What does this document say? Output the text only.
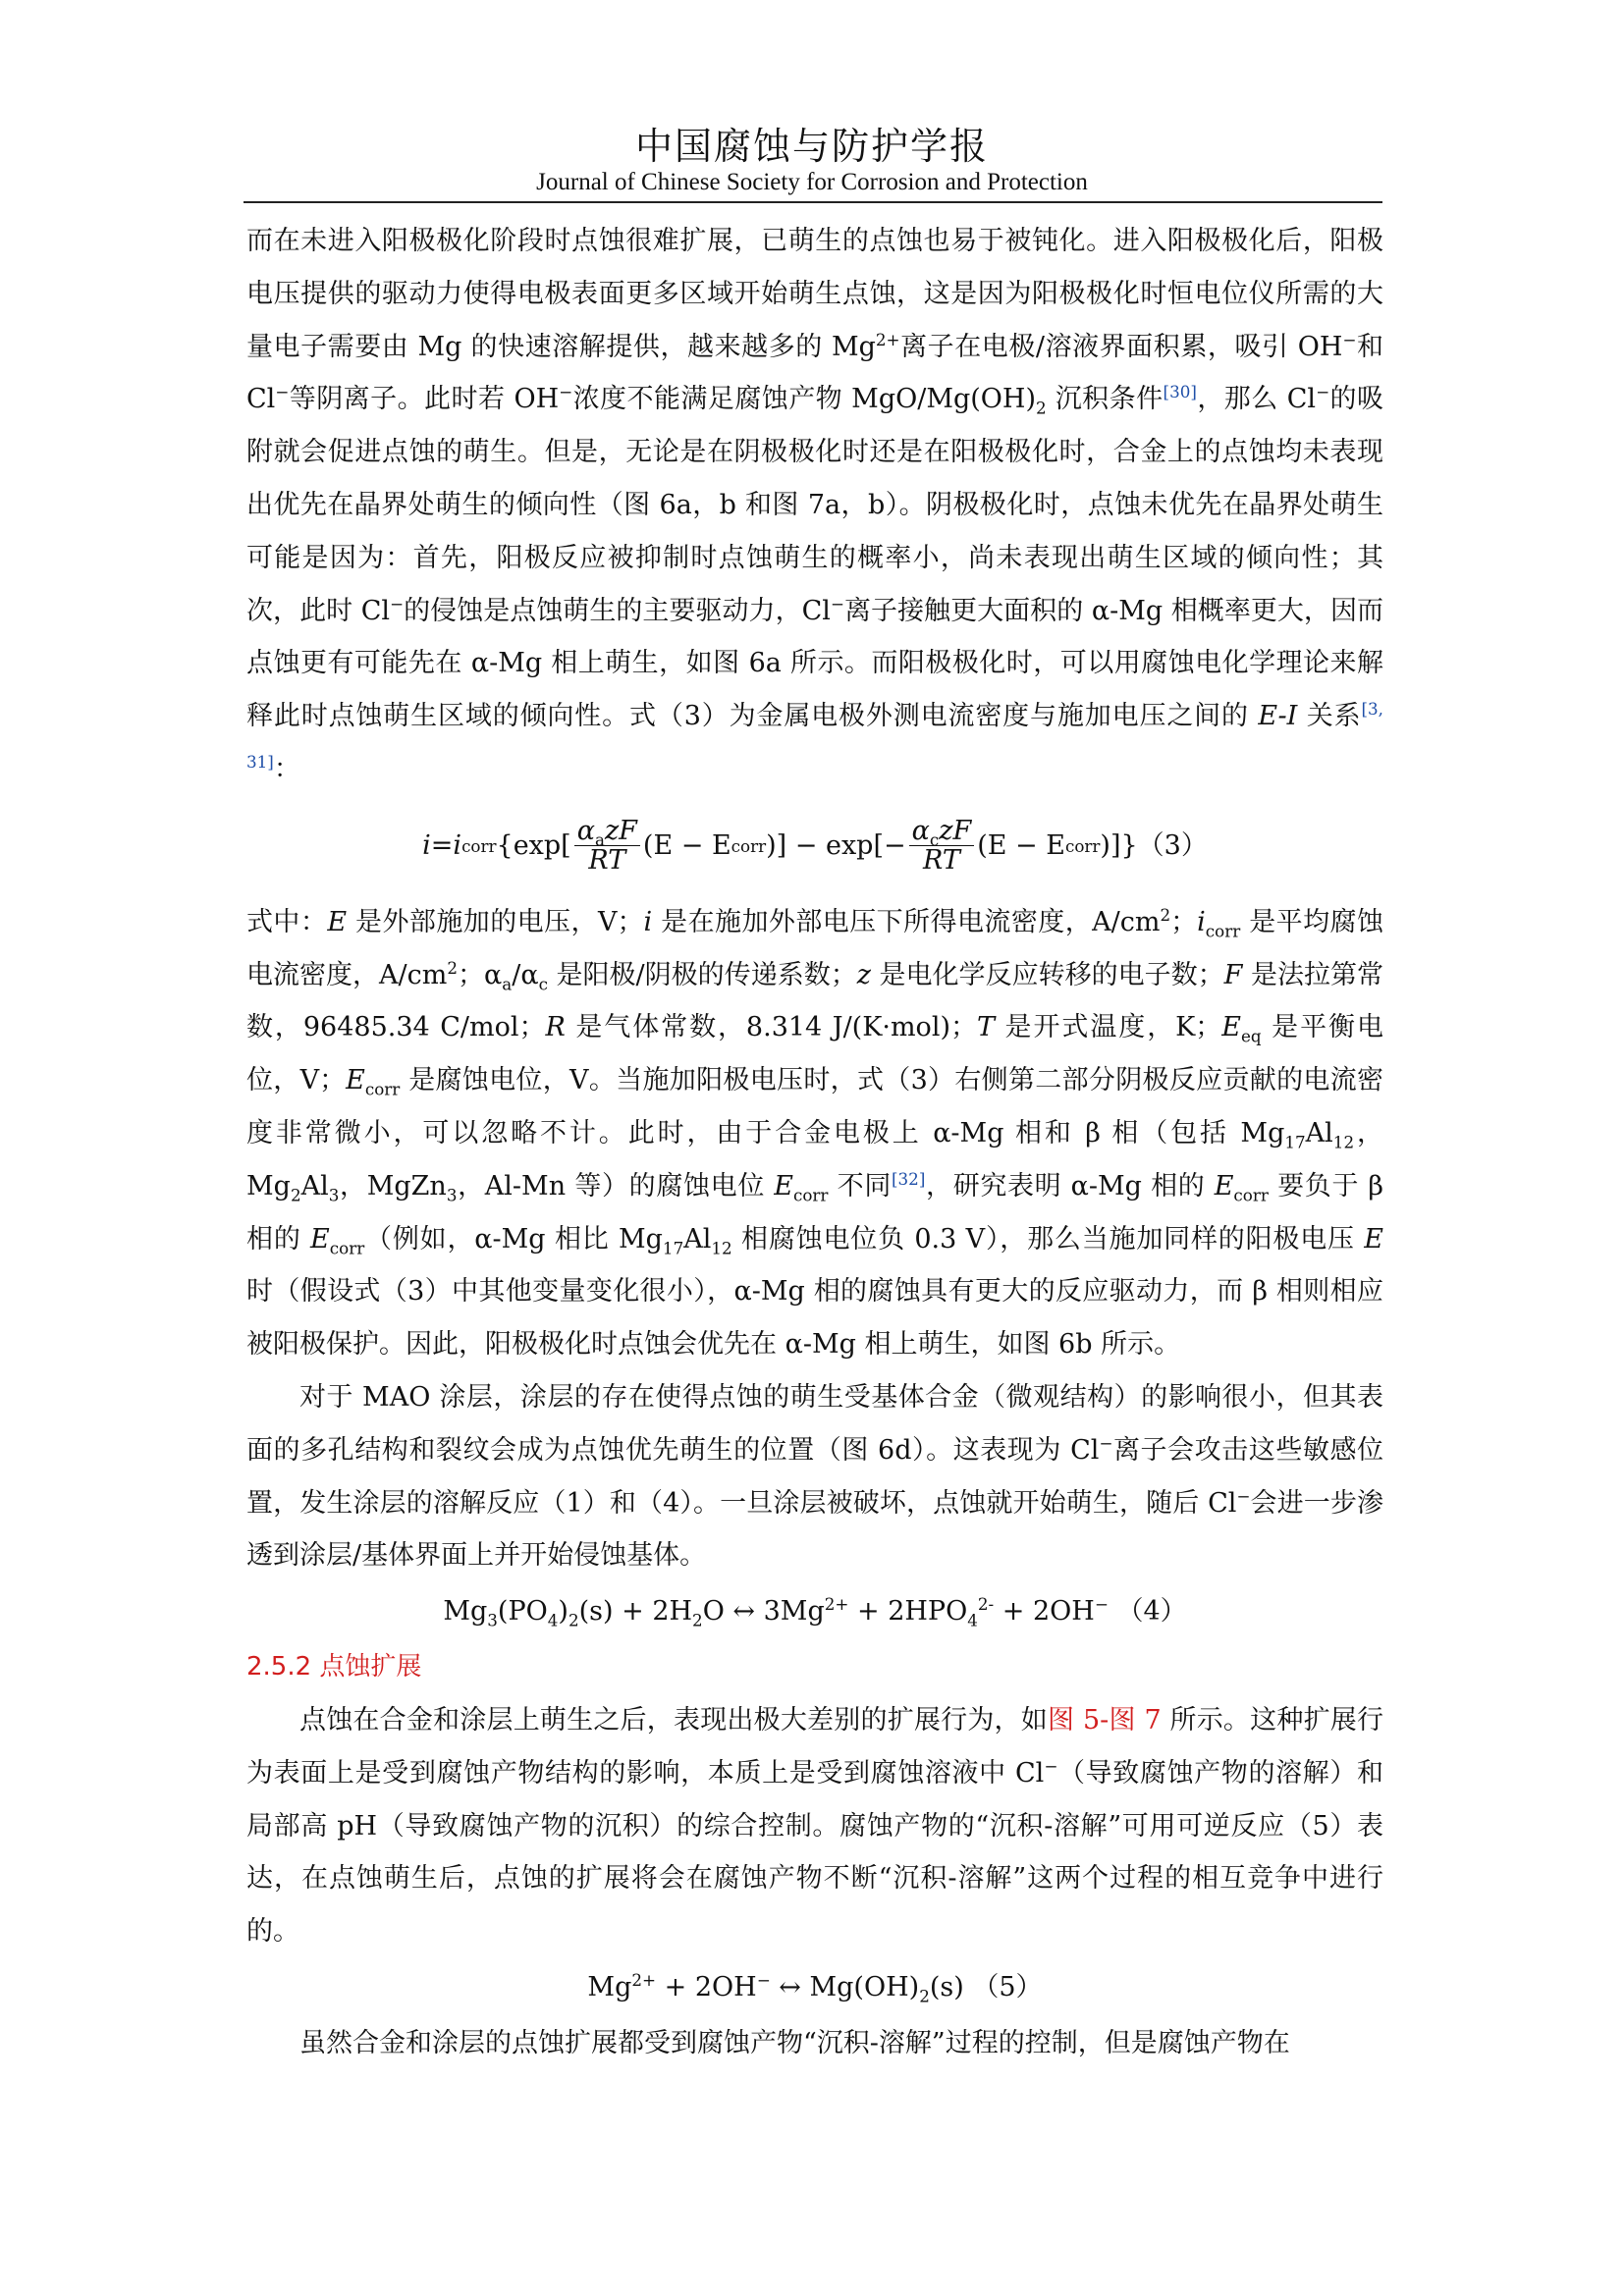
中国腐蚀与防护学报
Journal of Chinese Society for Corrosion and Protection

而在未进入阳极极化阶段时点蚀很难扩展，已萌生的点蚀也易于被钝化。进入阳极极化后，阳极电压提供的驱动力使得电极表面更多区域开始萌生点蚀，这是因为阳极极化时恒电位仪所需的大量电子需要由 Mg 的快速溶解提供，越来越多的 $Mg^{2+}$离子在电极/溶液界面积累，吸引 OH−和 Cl−等阴离子。此时若 OH−浓度不能满足腐蚀产物 MgO/$Mg(OH)_2$ 沉积条件[30]，那么 Cl−的吸附就会促进点蚀的萌生。但是，无论是在阴极极化时还是在阳极极化时，合金上的点蚀均未表现出优先在晶界处萌生的倾向性（图 6a，b 和图 7a，b）。阴极极化时，点蚀未优先在晶界处萌生可能是因为：首先，阳极反应被抑制时点蚀萌生的概率小，尚未表现出萌生区域的倾向性；其次，此时 Cl−的侵蚀是点蚀萌生的主要驱动力，Cl−离子接触更大面积的 α-Mg 相概率更大，因而点蚀更有可能先在 α-Mg 相上萌生，如图 6a 所示。而阳极极化时，可以用腐蚀电化学理论来解释此时点蚀萌生区域的倾向性。式（3）为金属电极外测电流密度与施加电压之间的 E-I 关系[3, 31]：

i = i corr {$\exp[ \frac{\alpha_azF}{RT} (E - E$ corr )] − $\exp[- \frac{\alpha_czF}{RT} (E - E$ corr )]} （3）

式中：E 是外部施加的电压，V；i 是在施加外部电压下所得电流密度，$A/cm^2$；$i_{corr}$ 是平均腐蚀电流密度，$A/cm^2$；$\alpha_a/\alpha_c$ 是阳极/阴极的传递系数；z 是电化学反应转移的电子数；F 是法拉第常数，96485.34 C/mol；R 是气体常数，8.314 J/(K·mol)；T 是开式温度，K；$E_{eq}$ 是平衡电位，V；$E_{corr}$ 是腐蚀电位，V。当施加阳极电压时，式（3）右侧第二部分阴极反应贡献的电流密度非常微小，可以忽略不计。此时，由于合金电极上 α-Mg 相和 β 相（包括 $Mg_{17}Al_{12}$，$Mg_2Al_3$，MgZn$_3$，Al-Mn 等）的腐蚀电位 $E_{corr}$ 不同[32]，研究表明 α-Mg 相的 $E_{corr}$ 要负于 β 相的 $E_{corr}$（例如，α-Mg 相比 $Mg_{17}Al_{12}$ 相腐蚀电位负 0.3 V），那么当施加同样的阳极电压 E 时（假设式（3）中其他变量变化很小），α-Mg 相的腐蚀具有更大的反应驱动力，而 β 相则相应被阳极保护。因此，阳极极化时点蚀会优先在 α-Mg 相上萌生，如图 6b 所示。

对于 MAO 涂层，涂层的存在使得点蚀的萌生受基体合金（微观结构）的影响很小，但其表面的多孔结构和裂纹会成为点蚀优先萌生的位置（图 6d）。这表现为 Cl−离子会攻击这些敏感位置，发生涂层的溶解反应（1）和（4）。一旦涂层被破坏，点蚀就开始萌生，随后 Cl−会进一步渗透到涂层/基体界面上并开始侵蚀基体。

$Mg_3(PO_4)_2(s) + 2H_2O$ ↔ $3Mg^{2+} + 2HPO_4^{2-} + 2OH^-$ （4）

2.5.2 点蚀扩展

点蚀在合金和涂层上萌生之后，表现出极大差别的扩展行为，如图 5-图 7 所示。这种扩展行为表面上是受到腐蚀产物结构的影响，本质上是受到腐蚀溶液中 Cl−（导致腐蚀产物的溶解）和局部高 pH（导致腐蚀产物的沉积）的综合控制。腐蚀产物的“沉积-溶解”可用可逆反应（5）表达，在点蚀萌生后，点蚀的扩展将会在腐蚀产物不断“沉积-溶解”这两个过程的相互竞争中进行的。

$Mg^{2+} + 2OH^-$ ↔ $Mg(OH)_2(s)$ （5）

虽然合金和涂层的点蚀扩展都受到腐蚀产物“沉积-溶解”过程的控制，但是腐蚀产物在
